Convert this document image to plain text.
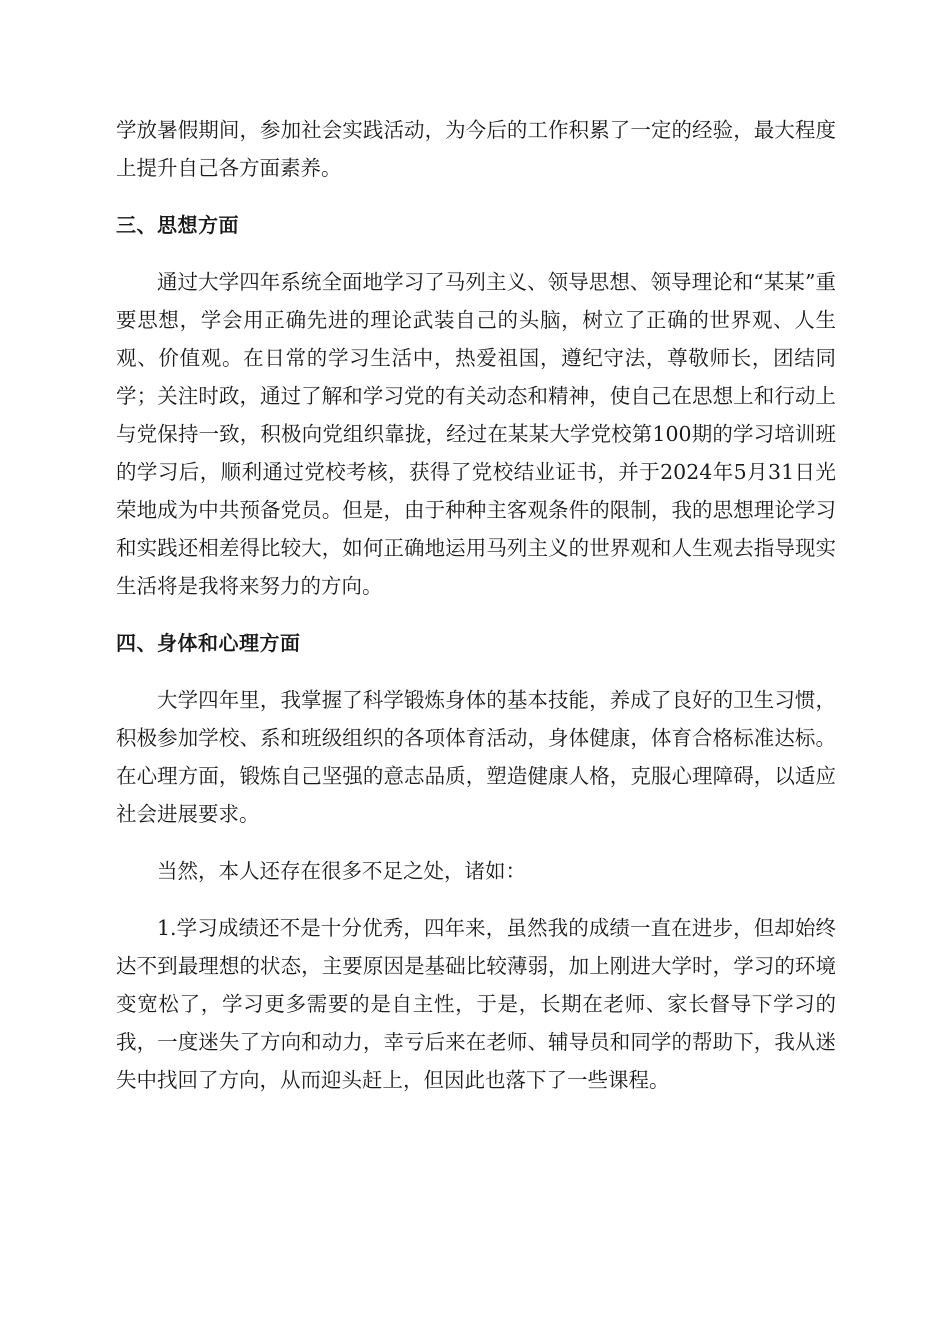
学放暑假期间，参加社会实践活动，为今后的工作积累了一定的经验，最大程度上提升自己各方面素养。

三、思想方面

通过大学四年系统全面地学习了马列主义、领导思想、领导理论和“某某”重要思想，学会用正确先进的理论武装自己的头脑，树立了正确的世界观、人生观、价值观。在日常的学习生活中，热爱祖国，遵纪守法，尊敬师长，团结同学；关注时政，通过了解和学习党的有关动态和精神，使自己在思想上和行动上与党保持一致，积极向党组织靠拢，经过在某某大学党校第100期的学习培训班的学习后，顺利通过党校考核，获得了党校结业证书，并于2024年5月31日光荣地成为中共预备党员。但是，由于种种主客观条件的限制，我的思想理论学习和实践还相差得比较大，如何正确地运用马列主义的世界观和人生观去指导现实生活将是我将来努力的方向。

四、身体和心理方面

大学四年里，我掌握了科学锻炼身体的基本技能，养成了良好的卫生习惯，积极参加学校、系和班级组织的各项体育活动，身体健康，体育合格标准达标。在心理方面，锻炼自己坚强的意志品质，塑造健康人格，克服心理障碍，以适应社会进展要求。

当然，本人还存在很多不足之处，诸如：

1.学习成绩还不是十分优秀，四年来，虽然我的成绩一直在进步，但却始终达不到最理想的状态，主要原因是基础比较薄弱，加上刚进大学时，学习的环境变宽松了，学习更多需要的是自主性，于是，长期在老师、家长督导下学习的我，一度迷失了方向和动力，幸亏后来在老师、辅导员和同学的帮助下，我从迷失中找回了方向，从而迎头赶上，但因此也落下了一些课程。
